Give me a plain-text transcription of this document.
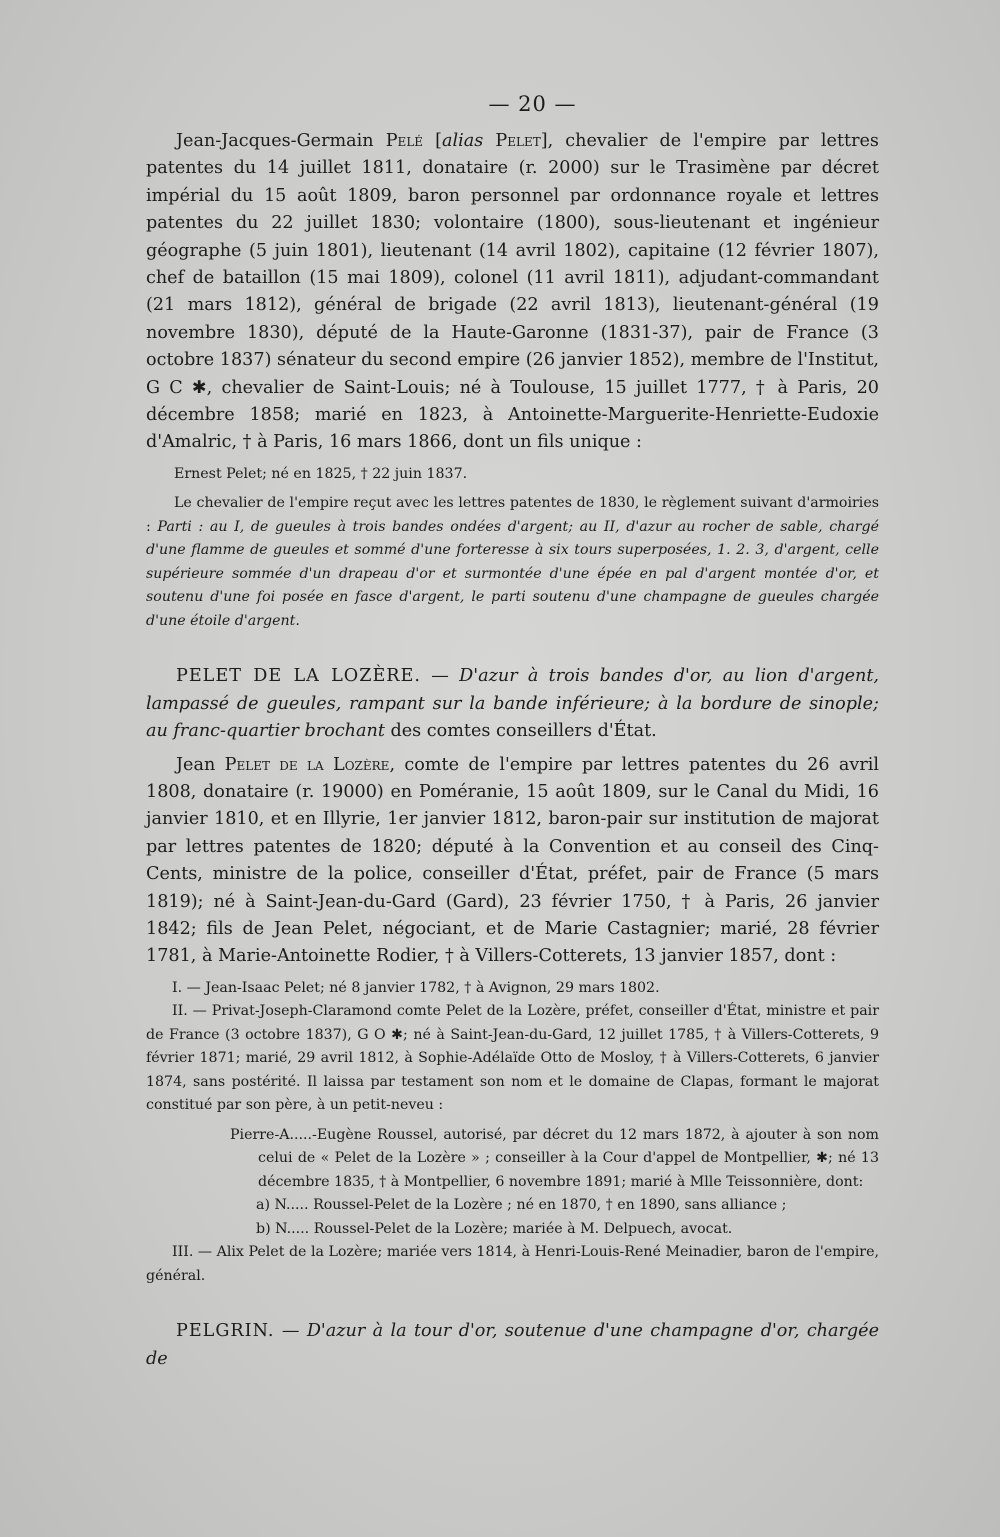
— 20 —

Jean-Jacques-Germain Pelé [alias Pelet], chevalier de l'empire par lettres patentes du 14 juillet 1811, donataire (r. 2000) sur le Trasimène par décret impérial du 15 août 1809, baron personnel par ordonnance royale et lettres patentes du 22 juillet 1830; volontaire (1800), sous-lieutenant et ingénieur géographe (5 juin 1801), lieutenant (14 avril 1802), capitaine (12 février 1807), chef de bataillon (15 mai 1809), colonel (11 avril 1811), adjudant-commandant (21 mars 1812), général de brigade (22 avril 1813), lieutenant-général (19 novembre 1830), député de la Haute-Garonne (1831-37), pair de France (3 octobre 1837) sénateur du second empire (26 janvier 1852), membre de l'Institut, G C ✱, chevalier de Saint-Louis; né à Toulouse, 15 juillet 1777, † à Paris, 20 décembre 1858; marié en 1823, à Antoinette-Marguerite-Henriette-Eudoxie d'Amalric, † à Paris, 16 mars 1866, dont un fils unique :

Ernest Pelet; né en 1825, † 22 juin 1837.

Le chevalier de l'empire reçut avec les lettres patentes de 1830, le règlement suivant d'armoiries : Parti : au I, de gueules à trois bandes ondées d'argent; au II, d'azur au rocher de sable, chargé d'une flamme de gueules et sommé d'une forteresse à six tours superposées, 1. 2. 3, d'argent, celle supérieure sommée d'un drapeau d'or et surmontée d'une épée en pal d'argent montée d'or, et soutenu d'une foi posée en fasce d'argent, le parti soutenu d'une champagne de gueules chargée d'une étoile d'argent.

PELET DE LA LOZÈRE. — D'azur à trois bandes d'or, au lion d'argent, lampassé de gueules, rampant sur la bande inférieure; à la bordure de sinople; au franc-quartier brochant des comtes conseillers d'État.

Jean Pelet de la Lozère, comte de l'empire par lettres patentes du 26 avril 1808, donataire (r. 19000) en Poméranie, 15 août 1809, sur le Canal du Midi, 16 janvier 1810, et en Illyrie, 1er janvier 1812, baron-pair sur institution de majorat par lettres patentes de 1820; député à la Convention et au conseil des Cinq-Cents, ministre de la police, conseiller d'État, préfet, pair de France (5 mars 1819); né à Saint-Jean-du-Gard (Gard), 23 février 1750, † à Paris, 26 janvier 1842; fils de Jean Pelet, négociant, et de Marie Castagnier; marié, 28 février 1781, à Marie-Antoinette Rodier, † à Villers-Cotterets, 13 janvier 1857, dont :

I. — Jean-Isaac Pelet; né 8 janvier 1782, † à Avignon, 29 mars 1802.

II. — Privat-Joseph-Claramond comte Pelet de la Lozère, préfet, conseiller d'État, ministre et pair de France (3 octobre 1837), G O ✱; né à Saint-Jean-du-Gard, 12 juillet 1785, † à Villers-Cotterets, 9 février 1871; marié, 29 avril 1812, à Sophie-Adélaïde Otto de Mosloy, † à Villers-Cotterets, 6 janvier 1874, sans postérité. Il laissa par testament son nom et le domaine de Clapas, formant le majorat constitué par son père, à un petit-neveu :

Pierre-A.....-Eugène Roussel, autorisé, par décret du 12 mars 1872, à ajouter à son nom celui de « Pelet de la Lozère » ; conseiller à la Cour d'appel de Montpellier, ✱; né 13 décembre 1835, † à Montpellier, 6 novembre 1891; marié à Mlle Teissonnière, dont:

a) N..... Roussel-Pelet de la Lozère ; né en 1870, † en 1890, sans alliance ;

b) N..... Roussel-Pelet de la Lozère; mariée à M. Delpuech, avocat.

III. — Alix Pelet de la Lozère; mariée vers 1814, à Henri-Louis-René Meinadier, baron de l'empire, général.

PELGRIN. — D'azur à la tour d'or, soutenue d'une champagne d'or, chargée de
